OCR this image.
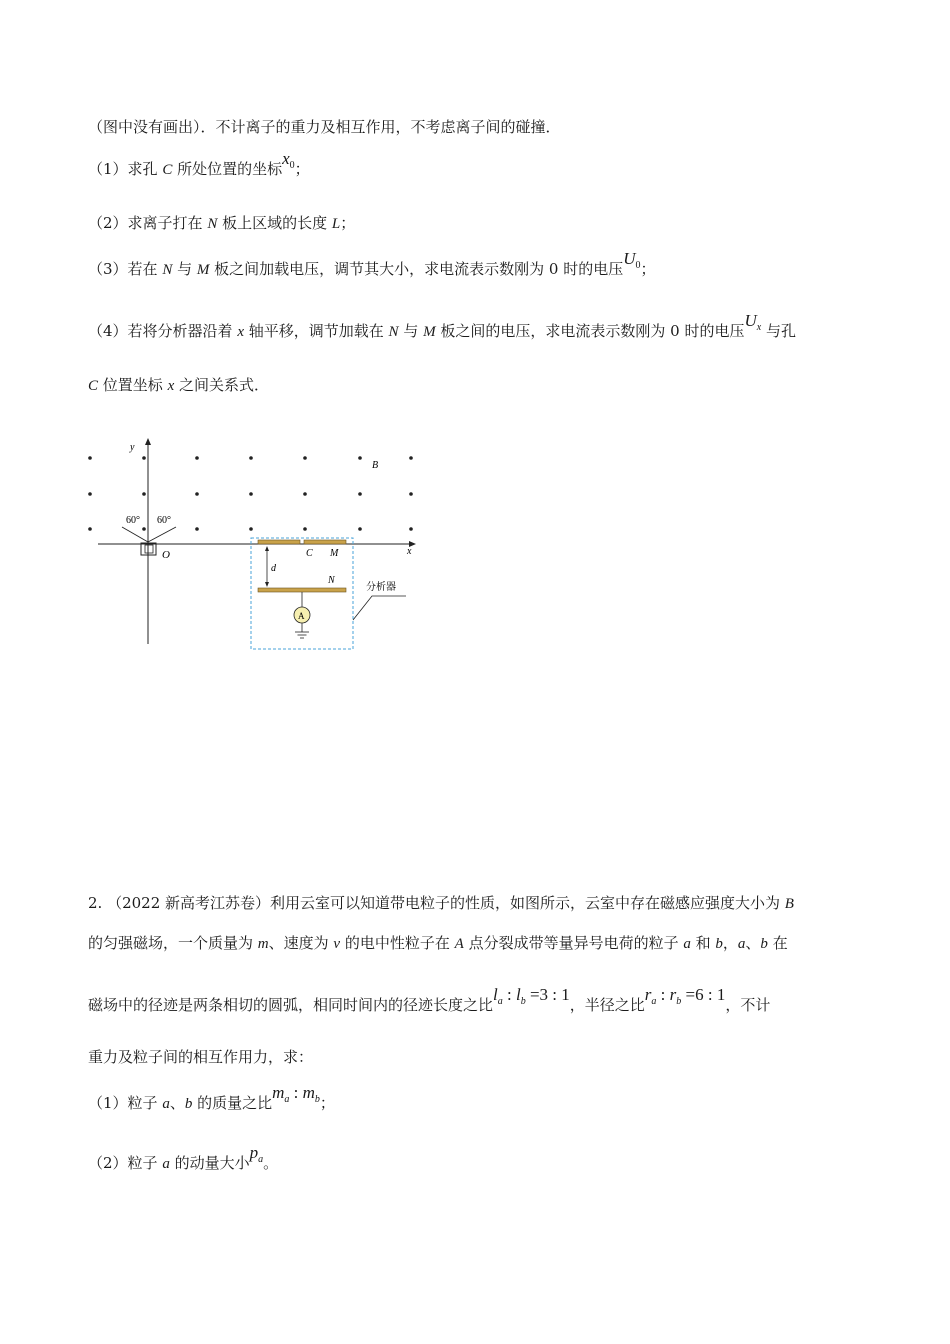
（图中没有画出）．不计离子的重力及相互作用，不考虑离子间的碰撞．
（1）求孔 C 所处位置的坐标$x_0$；
（2）求离子打在 N 板上区域的长度 L；
（3）若在 N 与 M 板之间加载电压，调节其大小，求电流表示数刚为 0 时的电压$U_0$；
（4）若将分析器沿着 x 轴平移，调节加载在 N 与 M 板之间的电压，求电流表示数刚为 0 时的电压$U_x$ 与孔
C 位置坐标 x 之间关系式．
y
x
O
B
60° 60°
C M
N
d
A
分析器
2. （2022 新高考江苏卷）利用云室可以知道带电粒子的性质，如图所示，云室中存在磁感应强度大小为 B
的匀强磁场，一个质量为 m、速度为 v 的电中性粒子在 A 点分裂成带等量异号电荷的粒子 a 和 b，a、b 在
磁场中的径迹是两条相切的圆弧，相同时间内的径迹长度之比$l_a$ : $l_b =3$ : 1，半径之比$r_a$ : $r_b =6$ : 1，不计
重力及粒子间的相互作用力，求：
（1）粒子 a、b 的质量之比$m_a$ : $m_b$；
（2）粒子 a 的动量大小$p_a$。
